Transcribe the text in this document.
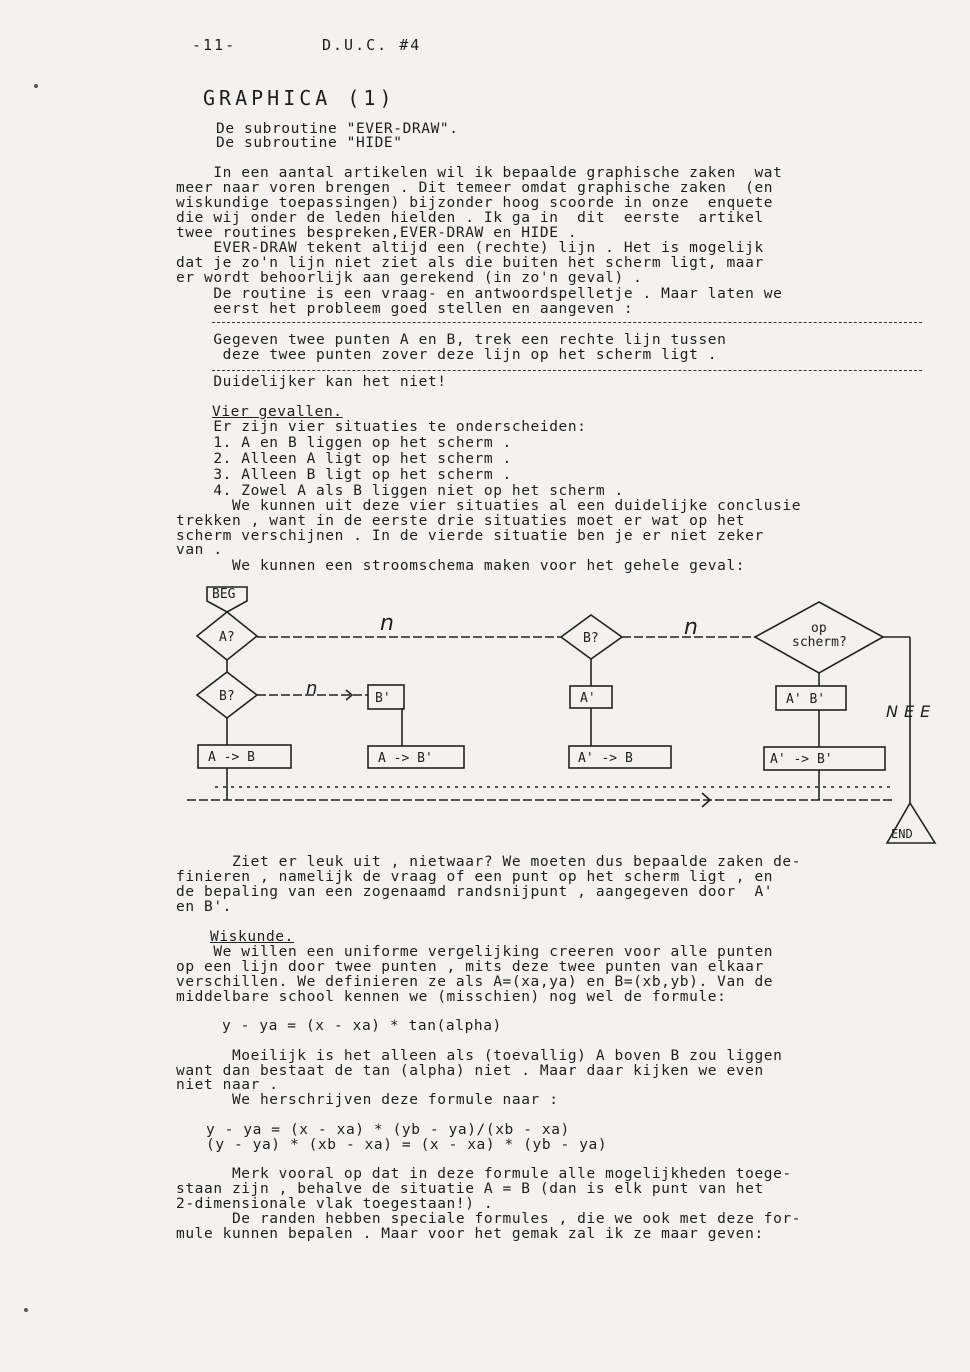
-11-	D.U.C. #4
GRAPHICA (1)
De subroutine "EVER-DRAW".
De subroutine "HIDE"
In een aantal artikelen wil ik bepaalde graphische zaken  wat
meer naar voren brengen . Dit temeer omdat graphische zaken  (en
wiskundige toepassingen) bijzonder hoog scoorde in onze  enquete
die wij onder de leden hielden . Ik ga in  dit  eerste  artikel
twee routines bespreken,EVER-DRAW en HIDE .
EVER-DRAW tekent altijd een (rechte) lijn . Het is mogelijk
dat je zo'n lijn niet ziet als die buiten het scherm ligt, maar
er wordt behoorlijk aan gerekend (in zo'n geval) .
De routine is een vraag- en antwoordspelletje . Maar laten we
eerst het probleem goed stellen en aangeven :
Gegeven twee punten A en B, trek een rechte lijn tussen
deze twee punten zover deze lijn op het scherm ligt .
Duidelijker kan het niet!
Vier gevallen.
Er zijn vier situaties te onderscheiden:
1. A en B liggen op het scherm .
2. Alleen A ligt op het scherm .
3. Alleen B ligt op het scherm .
4. Zowel A als B liggen niet op het scherm .
We kunnen uit deze vier situaties al een duidelijke conclusie
trekken , want in de eerste drie situaties moet er wat op het
scherm verschijnen . In de vierde situatie ben je er niet zeker
van .
We kunnen een stroomschema maken voor het gehele geval:
BEG
A?
B?
B?
op
scherm?
END
n	n
n
NEE
B'	A'	A' B'
A -> B	A -> B'	A' -> B	A' -> B'
Ziet er leuk uit , nietwaar? We moeten dus bepaalde zaken de-
finieren , namelijk de vraag of een punt op het scherm ligt , en
de bepaling van een zogenaamd randsnijpunt , aangegeven door  A'
en B'.
Wiskunde.
We willen een uniforme vergelijking creeren voor alle punten
op een lijn door twee punten , mits deze twee punten van elkaar
verschillen. We definieren ze als A=(xa,ya) en B=(xb,yb). Van de
middelbare school kennen we (misschien) nog wel de formule:
y - ya = (x - xa) * tan(alpha)
Moeilijk is het alleen als (toevallig) A boven B zou liggen
want dan bestaat de tan (alpha) niet . Maar daar kijken we even
niet naar .
We herschrijven deze formule naar :
y - ya = (x - xa) * (yb - ya)/(xb - xa)
(y - ya) * (xb - xa) = (x - xa) * (yb - ya)
Merk vooral op dat in deze formule alle mogelijkheden toege-
staan zijn , behalve de situatie A = B (dan is elk punt van het
2-dimensionale vlak toegestaan!) .
De randen hebben speciale formules , die we ook met deze for-
mule kunnen bepalen . Maar voor het gemak zal ik ze maar geven:
